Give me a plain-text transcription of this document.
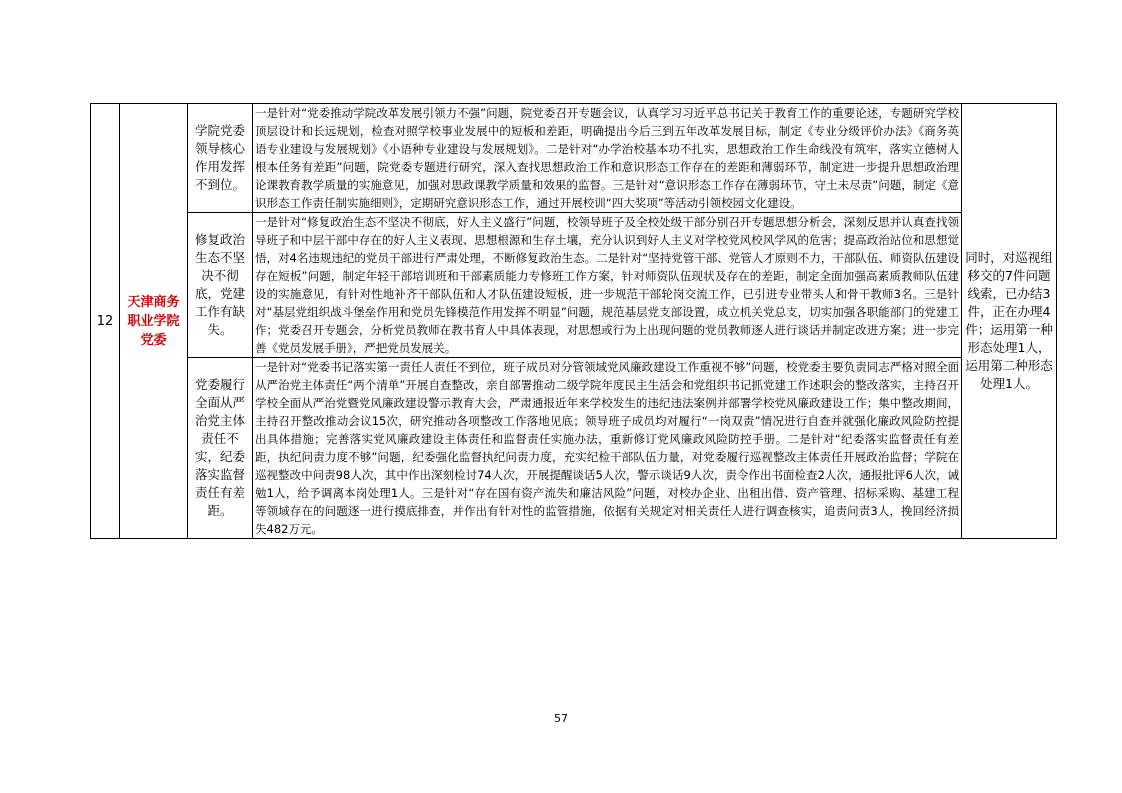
12	天津商务职业学院党委	学院党委领导核心作用发挥不到位。	一是针对“党委推动学院改革发展引领力不强”问题，院党委召开专题会议，认真学习习近平总书记关于教育工作的重要论述，专题研究学校顶层设计和长远规划，检查对照学校事业发展中的短板和差距，明确提出今后三到五年改革发展目标，制定《专业分级评价办法》《商务英语专业建设与发展规划》《小语种专业建设与发展规划》。二是针对“办学治校基本功不扎实，思想政治工作生命线没有筑牢，落实立德树人根本任务有差距”问题，院党委专题进行研究，深入查找思想政治工作和意识形态工作存在的差距和薄弱环节，制定进一步提升思想政治理论课教育教学质量的实施意见，加强对思政课教学质量和效果的监督。三是针对“意识形态工作存在薄弱环节，守土未尽责”问题，制定《意识形态工作责任制实施细则》，定期研究意识形态工作，通过开展校训“四大奖项”等活动引领校园文化建设。	同时，对巡视组移交的7件问题线索，已办结3件，正在办理4件；运用第一种形态处理1人，运用第二种形态处理1人。
		修复政治生态不坚决不彻底，党建工作有缺失。	一是针对“修复政治生态不坚决不彻底，好人主义盛行”问题，校领导班子及全校处级干部分别召开专题思想分析会，深刻反思并认真查找领导班子和中层干部中存在的好人主义表现、思想根源和生存土壤，充分认识到好人主义对学校党风校风学风的危害；提高政治站位和思想觉悟，对4名违规违纪的党员干部进行严肃处理，不断修复政治生态。二是针对“坚持党管干部、党管人才原则不力，干部队伍、师资队伍建设存在短板”问题，制定年轻干部培训班和干部素质能力专修班工作方案，针对师资队伍现状及存在的差距，制定全面加强高素质教师队伍建设的实施意见，有针对性地补齐干部队伍和人才队伍建设短板，进一步规范干部轮岗交流工作，已引进专业带头人和骨干教师3名。三是针对“基层党组织战斗堡垒作用和党员先锋模范作用发挥不明显”问题，规范基层党支部设置，成立机关党总支，切实加强各职能部门的党建工作；党委召开专题会，分析党员教师在教书育人中具体表现，对思想或行为上出现问题的党员教师逐人进行谈话并制定改进方案；进一步完善《党员发展手册》，严把党员发展关。	
		党委履行全面从严治党主体责任不实，纪委落实监督责任有差距。	一是针对“党委书记落实第一责任人责任不到位，班子成员对分管领域党风廉政建设工作重视不够”问题，校党委主要负责同志严格对照全面从严治党主体责任“两个清单”开展自查整改，亲自部署推动二级学院年度民主生活会和党组织书记抓党建工作述职会的整改落实，主持召开学校全面从严治党暨党风廉政建设警示教育大会，严肃通报近年来学校发生的违纪违法案例并部署学校党风廉政建设工作；集中整改期间，主持召开整改推动会议15次，研究推动各项整改工作落地见底；领导班子成员均对履行“一岗双责”情况进行自查并就强化廉政风险防控提出具体措施；完善落实党风廉政建设主体责任和监督责任实施办法，重新修订党风廉政风险防控手册。二是针对“纪委落实监督责任有差距，执纪问责力度不够”问题，纪委强化监督执纪问责力度，充实纪检干部队伍力量，对党委履行巡视整改主体责任开展政治监督；学院在巡视整改中问责98人次，其中作出深刻检讨74人次，开展提醒谈话5人次，警示谈话9人次，责令作出书面检查2人次，通报批评6人次，诫勉1人，给予调离本岗处理1人。三是针对“存在国有资产流失和廉洁风险”问题，对校办企业、出租出借、资产管理、招标采购、基建工程等领域存在的问题逐一进行摸底排查，并作出有针对性的监管措施，依据有关规定对相关责任人进行调查核实，追责问责3人，挽回经济损失482万元。	
57
